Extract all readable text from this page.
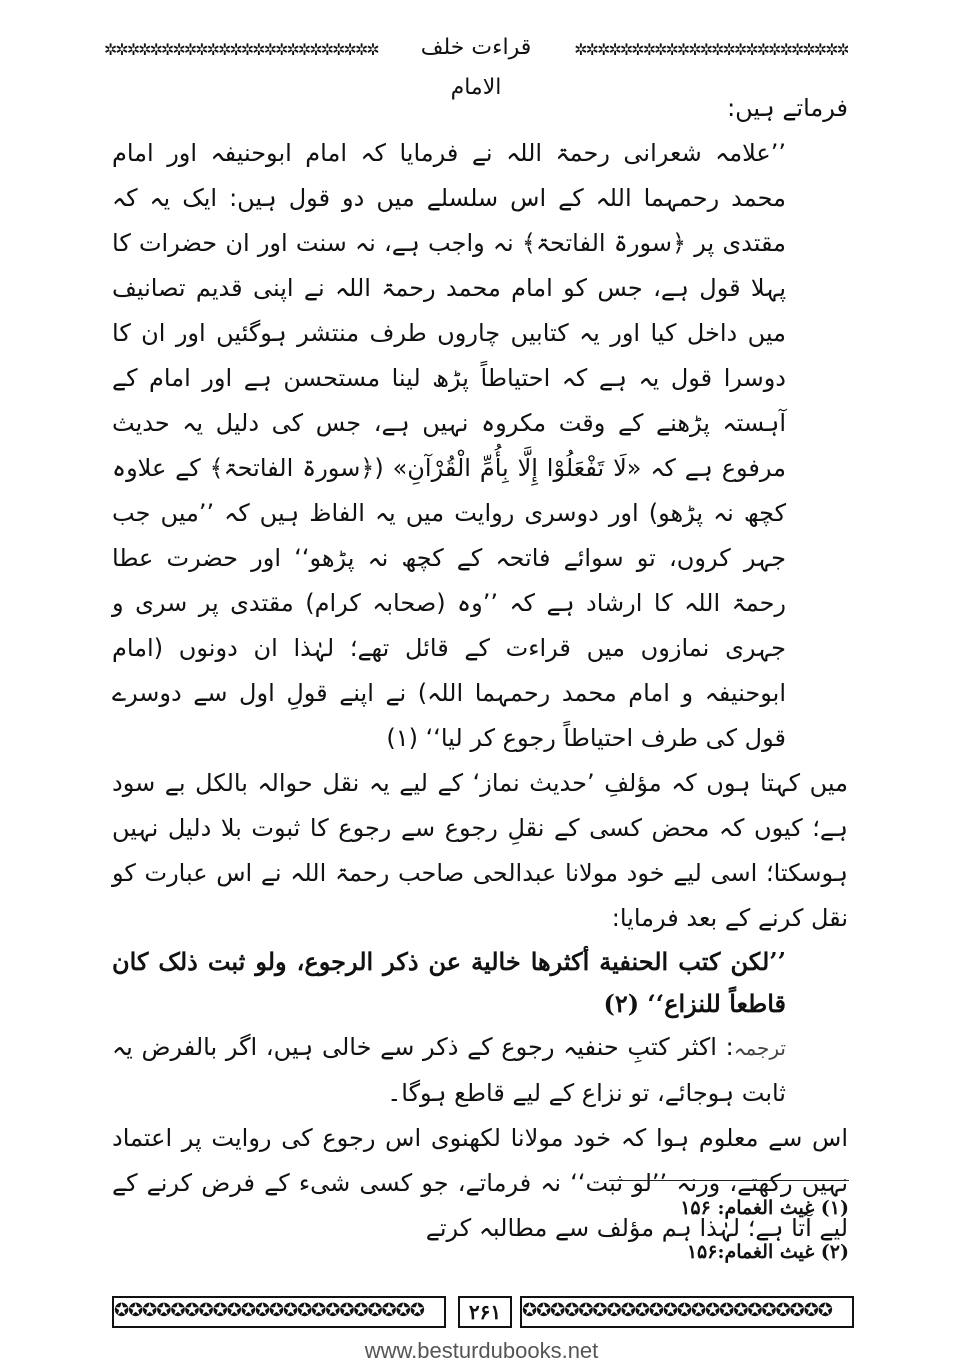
✲✲✲✲✲✲✲✲✲✲✲✲✲✲✲✲✲✲✲✲✲✲✲✲	قراءت خلف الامام
✲✲✲✲✲✲✲✲✲✲✲✲✲✲✲✲✲✲✲✲✲✲✲✲

فرماتے ہیں:

’’علامہ شعرانی رحمۃ اللہ نے فرمایا کہ امام ابوحنیفہ اور امام محمد رحمہما اللہ کے اس سلسلے میں دو قول ہیں: ایک یہ کہ مقتدی پر ﴿سورۃ الفاتحۃ﴾ نہ واجب ہے، نہ سنت اور ان حضرات کا پہلا قول ہے، جس کو امام محمد رحمۃ اللہ نے اپنی قدیم تصانیف میں داخل کیا اور یہ کتابیں چاروں طرف منتشر ہوگئیں اور ان کا دوسرا قول یہ ہے کہ احتیاطاً پڑھ لینا مستحسن ہے اور امام کے آہستہ پڑھنے کے وقت مکروہ نہیں ہے، جس کی دلیل یہ حدیث مرفوع ہے کہ «لَا تَفْعَلُوْا إِلَّا بِأُمِّ الْقُرْآنِ» (﴿سورۃ الفاتحۃ﴾ کے علاوہ کچھ نہ پڑھو) اور دوسری روایت میں یہ الفاظ ہیں کہ ’’میں جب جہر کروں، تو سوائے فاتحہ کے کچھ نہ پڑھو‘‘ اور حضرت عطا رحمۃ اللہ کا ارشاد ہے کہ ’’وہ (صحابہ کرام) مقتدی پر سری و جہری نمازوں میں قراءت کے قائل تھے؛ لہٰذا ان دونوں (امام ابوحنیفہ و امام محمد رحمہما اللہ) نے اپنے قولِ اول سے دوسرے قول کی طرف احتیاطاً رجوع کر لیا‘‘ (۱)

میں کہتا ہوں کہ مؤلفِ ’حدیث نماز‘ کے لیے یہ نقل حوالہ بالکل بے سود ہے؛ کیوں کہ محض کسی کے نقلِ رجوع سے رجوع کا ثبوت بلا دلیل نہیں ہوسکتا؛ اسی لیے خود مولانا عبدالحی صاحب رحمۃ اللہ نے اس عبارت کو نقل کرنے کے بعد فرمایا:

’’لكن كتب الحنفية أكثرها خالية عن ذكر الرجوع، ولو ثبت ذلک کان قاطعاً للنزاع‘‘ (۲)

ترجمہ: اکثر کتبِ حنفیہ رجوع کے ذکر سے خالی ہیں، اگر بالفرض یہ ثابت ہوجائے، تو نزاع کے لیے قاطع ہوگا۔

اس سے معلوم ہوا کہ خود مولانا لکھنوی اس رجوع کی روایت پر اعتماد نہیں رکھتے، ورنہ ’’لو ثبت‘‘ نہ فرماتے، جو کسی شیء کے فرض کرنے کے لیے آتا ہے؛ لہٰذا ہم مؤلف سے مطالبہ کرتے

(۱) غيث الغمام: ۱۵۶
(۲) غيث الغمام:۱۵۶
✪✪✪✪✪✪✪✪✪✪✪✪✪✪✪✪✪✪✪✪✪✪	۲۶۱	✪✪✪✪✪✪✪✪✪✪✪✪✪✪✪✪✪✪✪✪✪✪
www.besturdubooks.net
